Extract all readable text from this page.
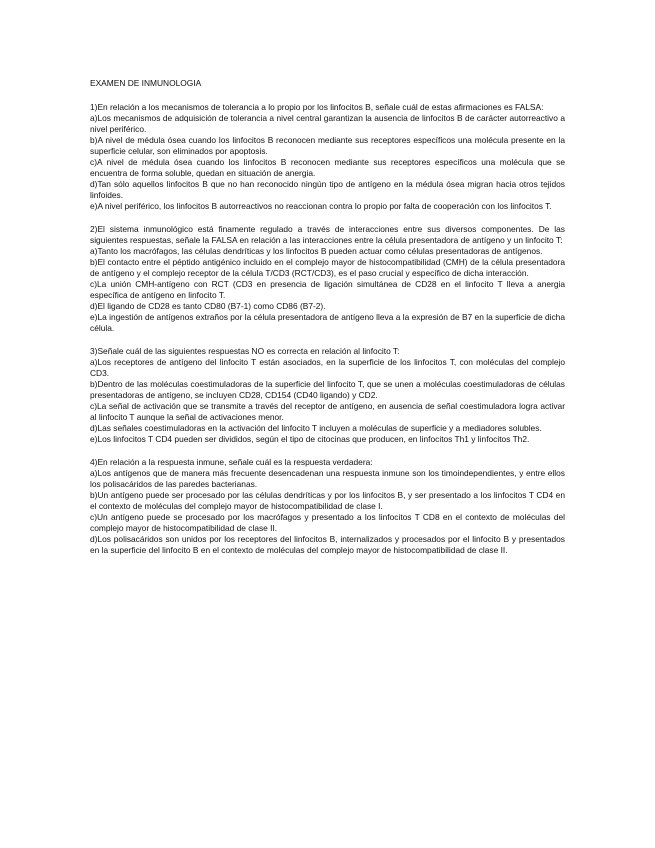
EXAMEN DE INMUNOLOGIA

1)En relación a los mecanismos de tolerancia a lo propio por los linfocitos B, señale cuál de estas afirmaciones es FALSA:

a)Los mecanismos de adquisición de tolerancia a nivel central garantizan la ausencia de linfocitos B de carácter autorreactivo a nivel periférico.

b)A nivel de médula ósea cuando los linfocitos B reconocen mediante sus receptores específicos una molécula presente en la superficie celular, son eliminados por apoptosis.

c)A nivel de médula ósea cuando los linfocitos B reconocen mediante sus receptores específicos una molécula que se encuentra de forma soluble, quedan en situación de anergia.

d)Tan sólo aquellos linfocitos B que no han reconocido ningún tipo de antígeno en la médula ósea migran hacia otros tejidos linfoides.

e)A nivel periférico, los linfocitos B autorreactivos no reaccionan contra lo propio por falta de cooperación con los linfocitos T.

2)El sistema inmunológico está finamente regulado a través de interacciones entre sus diversos componentes. De las siguientes respuestas, señale la FALSA en relación a las interacciones entre la célula presentadora de antígeno y un linfocito T:

a)Tanto los macrófagos, las células dendríticas y los linfocitos B pueden actuar como células presentadoras de antígenos.

b)El contacto entre el péptido antigénico incluido en el complejo mayor de histocompatibilidad (CMH) de la célula presentadora de antígeno y el complejo receptor de la célula T/CD3 (RCT/CD3), es el paso crucial y específico de dicha interacción.

c)La unión CMH-antígeno con RCT (CD3 en presencia de ligación simultánea de CD28 en el linfocito T lleva a anergia específica de antígeno en linfocito T.

d)El ligando de CD28 es tanto CD80 (B7-1) como CD86 (B7-2).

e)La ingestión de antígenos extraños por la célula presentadora de antígeno lleva a la expresión de B7 en la superficie de dicha célula.

3)Señale cuál de las siguientes respuestas NO es correcta en relación al linfocito T:

a)Los receptores de antígeno del linfocito T están asociados, en la superficie de los linfocitos T, con moléculas del complejo CD3.

b)Dentro de las moléculas coestimuladoras de la superficie del linfocito T, que se unen a moléculas coestimuladoras de células presentadoras de antígeno, se incluyen CD28, CD154 (CD40 ligando) y CD2.

c)La señal de activación que se transmite a través del receptor de antígeno, en ausencia de señal coestimuladora logra activar al linfocito T aunque la señal de activaciones menor.

d)Las señales coestimuladoras en la activación del linfocito T incluyen a moléculas de superficie y a mediadores solubles.

e)Los linfocitos T CD4 pueden ser divididos, según el tipo de citocinas que producen, en linfocitos Th1 y linfocitos Th2.

4)En relación a la respuesta inmune, señale cuál es la respuesta verdadera:

a)Los antígenos que de manera más frecuente desencadenan una respuesta inmune son los timoindependientes, y entre ellos los polisacáridos de las paredes bacterianas.

b)Un antígeno puede ser procesado por las células dendríticas y por los linfocitos B, y ser presentado a los linfocitos T CD4 en el contexto de moléculas del complejo mayor de histocompatibilidad de clase I.

c)Un antígeno puede se procesado por los macrófagos y presentado a los linfocitos T CD8 en el contexto de moléculas del complejo mayor de histocompatibilidad de clase II.

d)Los polisacáridos son unidos por los receptores del linfocitos B, internalizados y procesados por el linfocito B y presentados en la superficie del linfocito B en el contexto de moléculas del complejo mayor de histocompatibilidad de clase II.
